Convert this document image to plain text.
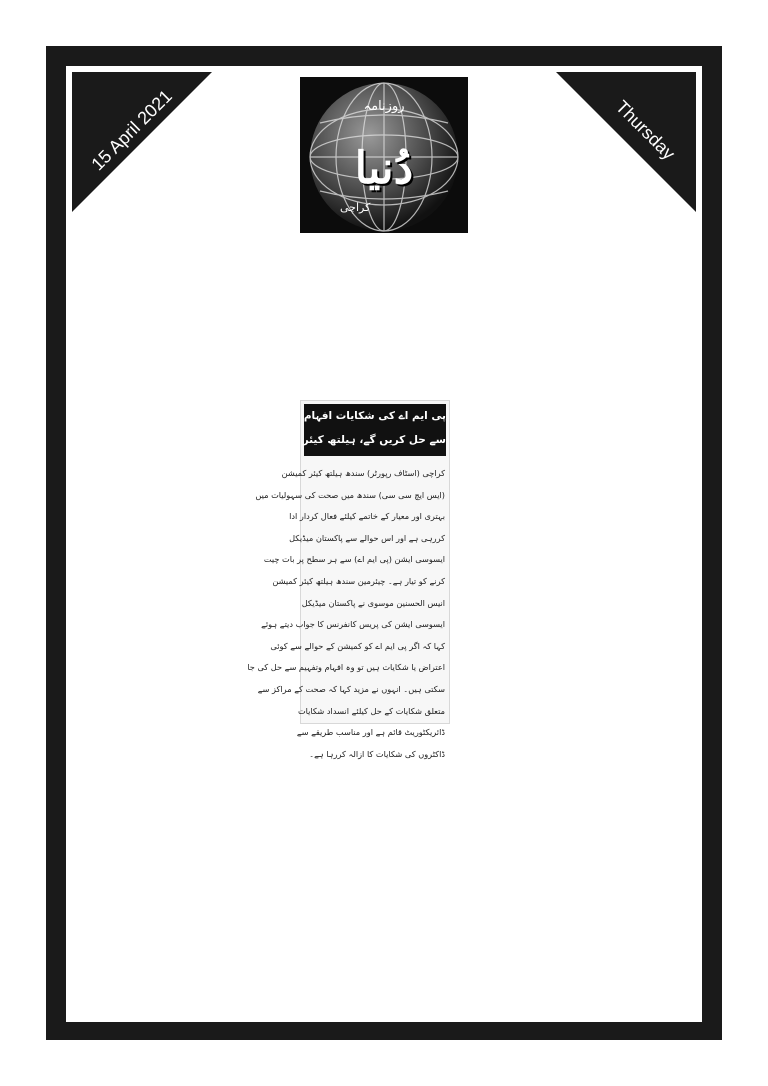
15 April 2021	Thursday
روزنامہ
دُنیا
کراچی
پی ایم اے کی شکایات افہام وتفہیم
سے حل کریں گے، ہیلتھ کیئر کمیشن
کراچی (اسٹاف رپورٹر) سندھ ہیلتھ کیئر کمیشن
(ایس ایچ سی سی) سندھ میں صحت کی سہولیات میں
بہتری اور معیار کے خاتمے کیلئے فعال کردار ادا
کررہی ہے اور اس حوالے سے پاکستان میڈیکل
ایسوسی ایشن (پی ایم اے) سے ہر سطح پر بات چیت
کرنے کو تیار ہے۔ چیئرمین سندھ ہیلتھ کیئر کمیشن
انیس الحسنین موسوی نے پاکستان میڈیکل
ایسوسی ایشن کی پریس کانفرنس کا جواب دیتے ہوئے
کہا کہ اگر پی ایم اے کو کمیشن کے حوالے سے کوئی
اعتراض یا شکایات ہیں تو وہ افہام وتفہیم سے حل کی جا
سکتی ہیں۔ انہوں نے مزید کہا کہ صحت کے مراکز سے
متعلق شکایات کے حل کیلئے انسداد شکایات
ڈائریکٹوریٹ قائم ہے اور مناسب طریقے سے
ڈاکٹروں کی شکایات کا ازالہ کررہا ہے۔
